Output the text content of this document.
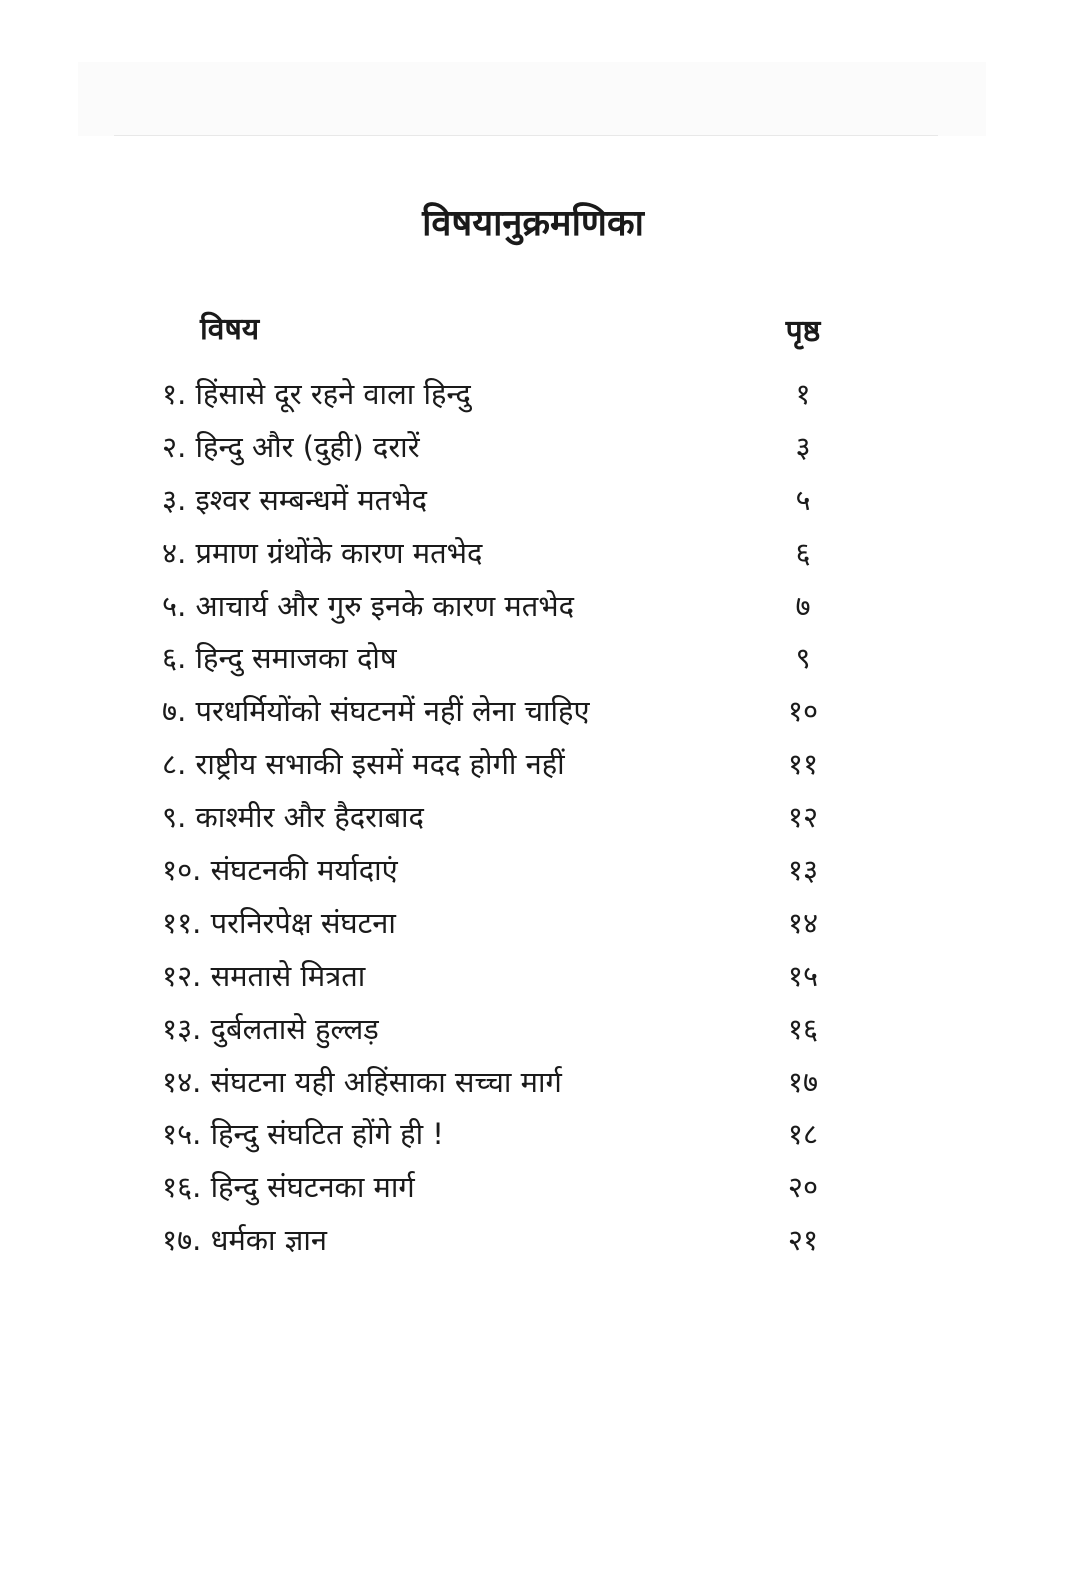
विषयानुक्रमणिका
विषय	पृष्ठ
१. हिंसासे दूर रहने वाला हिन्दु	१
२. हिन्दु और (दुही) दरारें	३
३. इश्वर सम्बन्धमें मतभेद	५
४. प्रमाण ग्रंथोंके कारण मतभेद	६
५. आचार्य और गुरु इनके कारण मतभेद	७
६. हिन्दु समाजका दोष	९
७. परधर्मियोंको संघटनमें नहीं लेना चाहिए	१०
८. राष्ट्रीय सभाकी इसमें मदद होगी नहीं	११
९. काश्मीर और हैदराबाद	१२
१०. संघटनकी मर्यादाएं	१३
११. परनिरपेक्ष संघटना	१४
१२. समतासे मित्रता	१५
१३. दुर्बलतासे हुल्लड़	१६
१४. संघटना यही अहिंसाका सच्चा मार्ग	१७
१५. हिन्दु संघटित होंगे ही !	१८
१६. हिन्दु संघटनका मार्ग	२०
१७. धर्मका ज्ञान	२१
